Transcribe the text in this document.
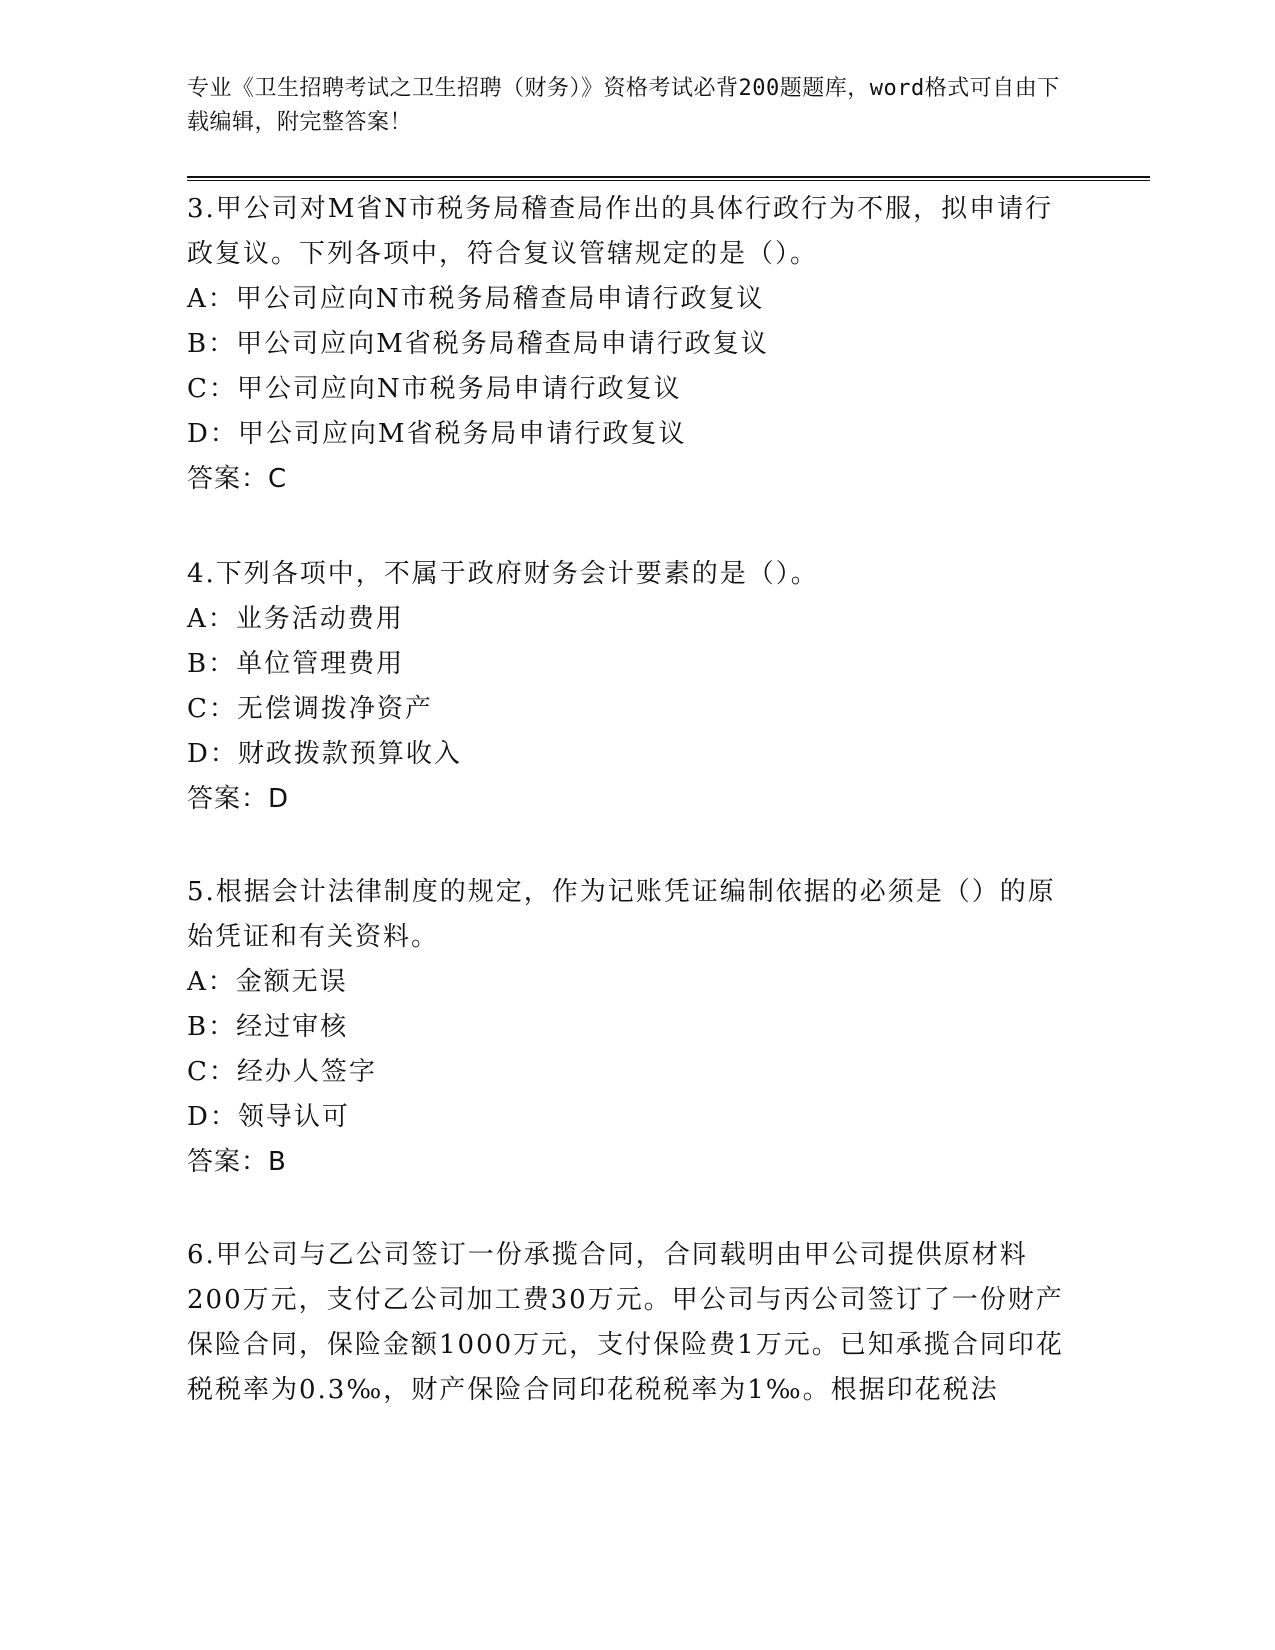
专业《卫生招聘考试之卫生招聘（财务）》资格考试必背200题题库，word格式可自由下载编辑，附完整答案！
3.甲公司对M省N市税务局稽查局作出的具体行政行为不服，拟申请行政复议。下列各项中，符合复议管辖规定的是（）。
A：甲公司应向N市税务局稽查局申请行政复议
B：甲公司应向M省税务局稽查局申请行政复议
C：甲公司应向N市税务局申请行政复议
D：甲公司应向M省税务局申请行政复议
答案：C
4.下列各项中，不属于政府财务会计要素的是（）。
A：业务活动费用
B：单位管理费用
C：无偿调拨净资产
D：财政拨款预算收入
答案：D
5.根据会计法律制度的规定，作为记账凭证编制依据的必须是（）的原始凭证和有关资料。
A：金额无误
B：经过审核
C：经办人签字
D：领导认可
答案：B
6.甲公司与乙公司签订一份承揽合同，合同载明由甲公司提供原材料200万元，支付乙公司加工费30万元。甲公司与丙公司签订了一份财产保险合同，保险金额1000万元，支付保险费1万元。已知承揽合同印花税税率为0.3‰，财产保险合同印花税税率为1‰。根据印花税法
